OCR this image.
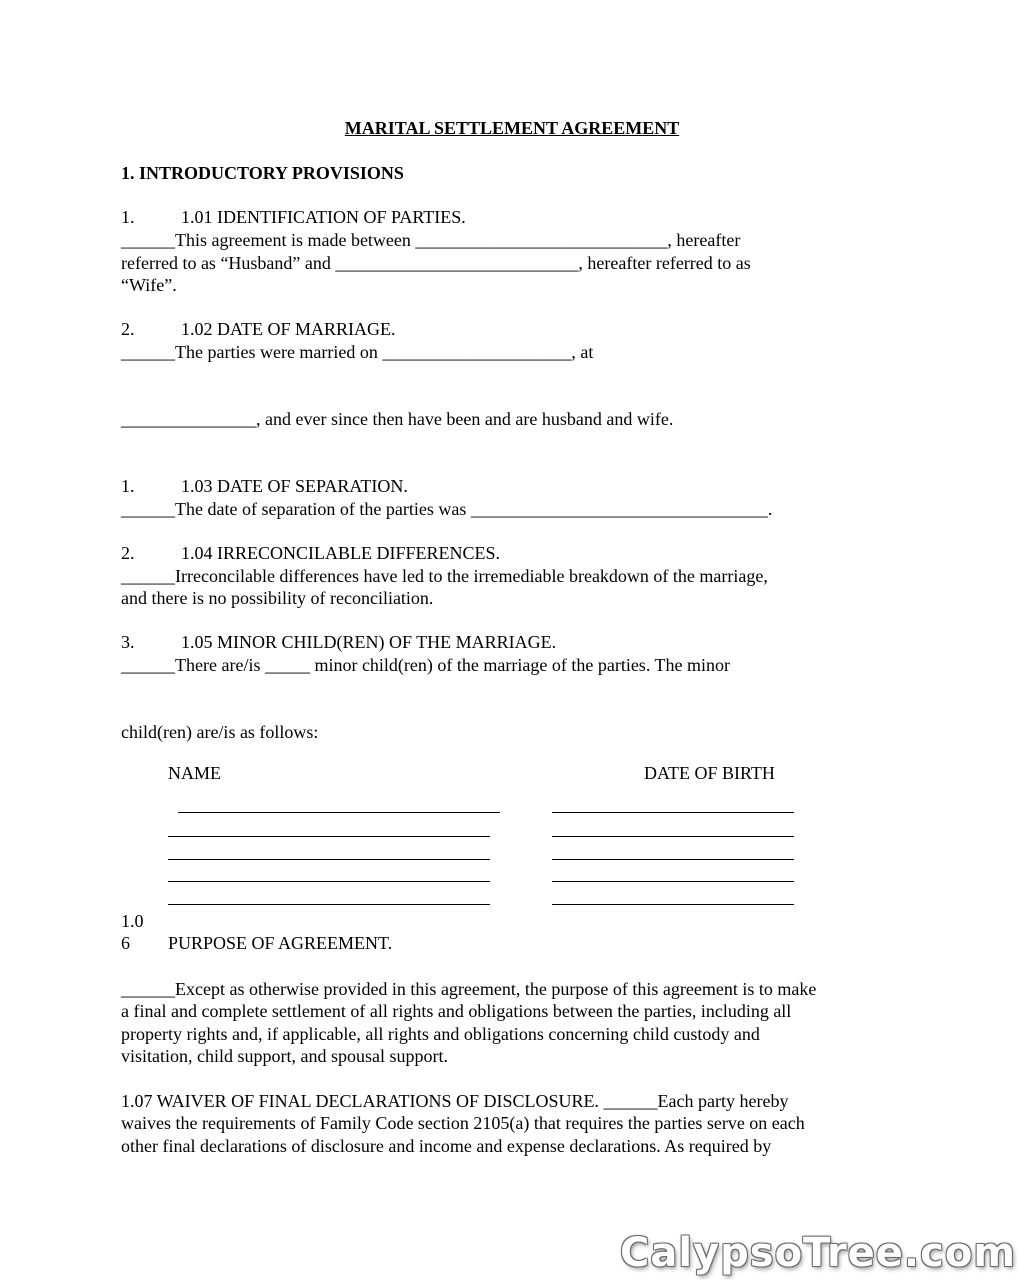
MARITAL SETTLEMENT AGREEMENT
1. INTRODUCTORY PROVISIONS
1.	1.01 IDENTIFICATION OF PARTIES.
______This agreement is made between ____________________________, hereafter
referred to as “Husband” and ___________________________, hereafter referred to as
“Wife”.
2.	1.02 DATE OF MARRIAGE.
______The parties were married on _____________________, at
_______________, and ever since then have been and are husband and wife.
1.	1.03 DATE OF SEPARATION.
______The date of separation of the parties was _________________________________.
2.	1.04 IRRECONCILABLE DIFFERENCES.
______Irreconcilable differences have led to the irremediable breakdown of the marriage,
and there is no possibility of reconciliation.
3.	1.05 MINOR CHILD(REN) OF THE MARRIAGE.
______There are/is _____ minor child(ren) of the marriage of the parties. The minor
child(ren) are/is as follows:
NAME	DATE OF BIRTH
1.0
6 PURPOSE OF AGREEMENT.
______Except as otherwise provided in this agreement, the purpose of this agreement is to make
a final and complete settlement of all rights and obligations between the parties, including all
property rights and, if applicable, all rights and obligations concerning child custody and
visitation, child support, and spousal support.
1.07 WAIVER OF FINAL DECLARATIONS OF DISCLOSURE. ______Each party hereby
waives the requirements of Family Code section 2105(a) that requires the parties serve on each
other final declarations of disclosure and income and expense declarations. As required by
CalypsoTree.com
